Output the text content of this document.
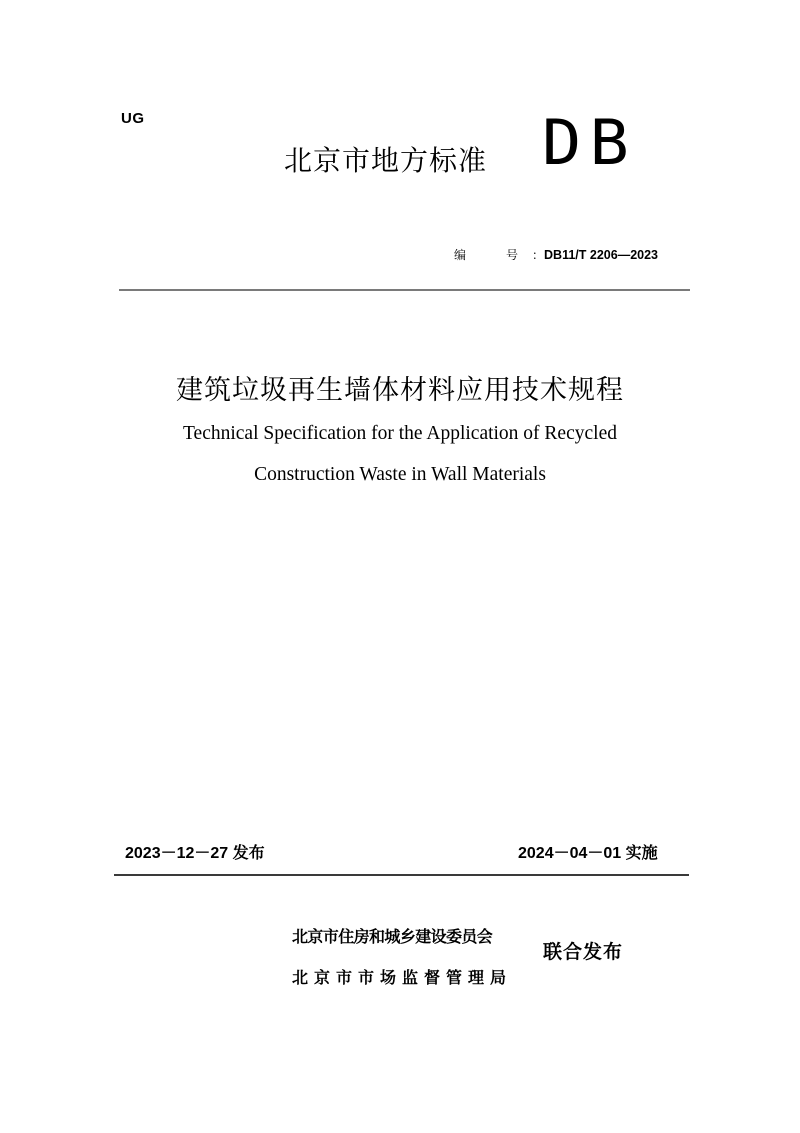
UG
北京市地方标准 DB
编　号：DB11/T 2206—2023
建筑垃圾再生墙体材料应用技术规程
Technical Specification for the Application of Recycled
Construction Waste in Wall Materials
2023－12－27 发布	2024－04－01 实施
北京市住房和城乡建设委员会
北京市市场监督管理局
联合发布
